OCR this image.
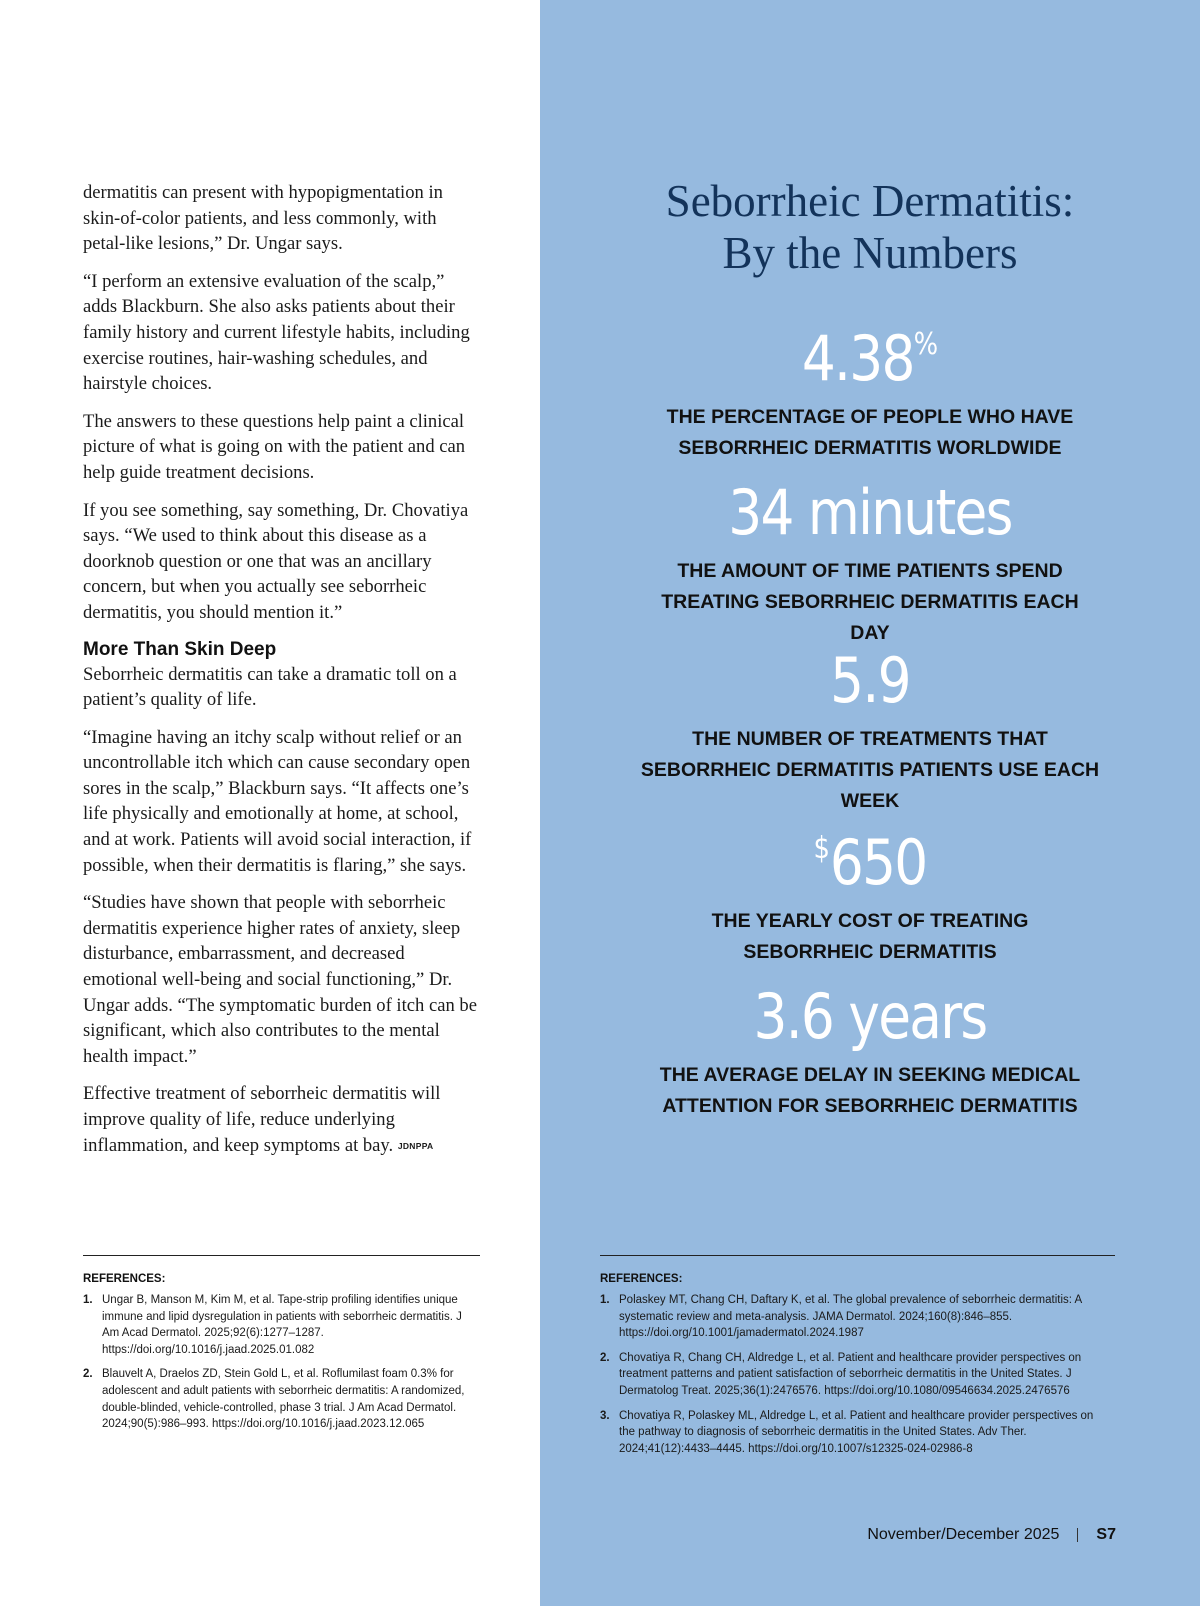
dermatitis can present with hypopigmentation in skin-of-color patients, and less commonly, with petal-like lesions,” Dr. Ungar says.

“I perform an extensive evaluation of the scalp,” adds Blackburn. She also asks patients about their family history and current lifestyle habits, including exercise routines, hair-washing schedules, and hairstyle choices.

The answers to these questions help paint a clinical picture of what is going on with the patient and can help guide treatment decisions.

If you see something, say something, Dr. Chovatiya says. “We used to think about this disease as a doorknob question or one that was an ancillary concern, but when you actually see seborrheic dermatitis, you should mention it.”

More Than Skin Deep

Seborrheic dermatitis can take a dramatic toll on a patient’s quality of life.

“Imagine having an itchy scalp without relief or an uncontrollable itch which can cause secondary open sores in the scalp,” Blackburn says. “It affects one’s life physically and emotionally at home, at school, and at work. Patients will avoid social interaction, if possible, when their dermatitis is flaring,” she says.

“Studies have shown that people with seborrheic dermatitis experience higher rates of anxiety, sleep disturbance, embarrassment, and decreased emotional well-being and social functioning,” Dr. Ungar adds. “The symptomatic burden of itch can be significant, which also contributes to the mental health impact.”

Effective treatment of seborrheic dermatitis will improve quality of life, reduce underlying inflammation, and keep symptoms at bay. JDNPPA

REFERENCES:

1. Ungar B, Manson M, Kim M, et al. Tape-strip profiling identifies unique immune and lipid dysregulation in patients with seborrheic dermatitis. J Am Acad Dermatol. 2025;92(6):1277–1287. https://doi.org/10.1016/j.jaad.2025.01.082
2. Blauvelt A, Draelos ZD, Stein Gold L, et al. Roflumilast foam 0.3% for adolescent and adult patients with seborrheic dermatitis: A randomized, double-blinded, vehicle-controlled, phase 3 trial. J Am Acad Dermatol. 2024;90(5):986–993. https://doi.org/10.1016/j.jaad.2023.12.065
Seborrheic Dermatitis:
By the Numbers
4.38%
THE PERCENTAGE OF PEOPLE WHO HAVE SEBORRHEIC DERMATITIS WORLDWIDE
34 minutes
THE AMOUNT OF TIME PATIENTS SPEND TREATING SEBORRHEIC DERMATITIS EACH DAY
5.9
THE NUMBER OF TREATMENTS THAT SEBORRHEIC DERMATITIS PATIENTS USE EACH WEEK
$650
THE YEARLY COST OF TREATING SEBORRHEIC DERMATITIS
3.6 years
THE AVERAGE DELAY IN SEEKING MEDICAL ATTENTION FOR SEBORRHEIC DERMATITIS

REFERENCES:

1. Polaskey MT, Chang CH, Daftary K, et al. The global prevalence of seborrheic dermatitis: A systematic review and meta-analysis. JAMA Dermatol. 2024;160(8):846–855. https://doi.org/10.1001/jamadermatol.2024.1987
2. Chovatiya R, Chang CH, Aldredge L, et al. Patient and healthcare provider perspectives on treatment patterns and patient satisfaction of seborrheic dermatitis in the United States. J Dermatolog Treat. 2025;36(1):2476576. https://doi.org/10.1080/09546634.2025.2476576
3. Chovatiya R, Polaskey ML, Aldredge L, et al. Patient and healthcare provider perspectives on the pathway to diagnosis of seborrheic dermatitis in the United States. Adv Ther. 2024;41(12):4433–4445. https://doi.org/10.1007/s12325-024-02986-8
November/December 2025 S7
